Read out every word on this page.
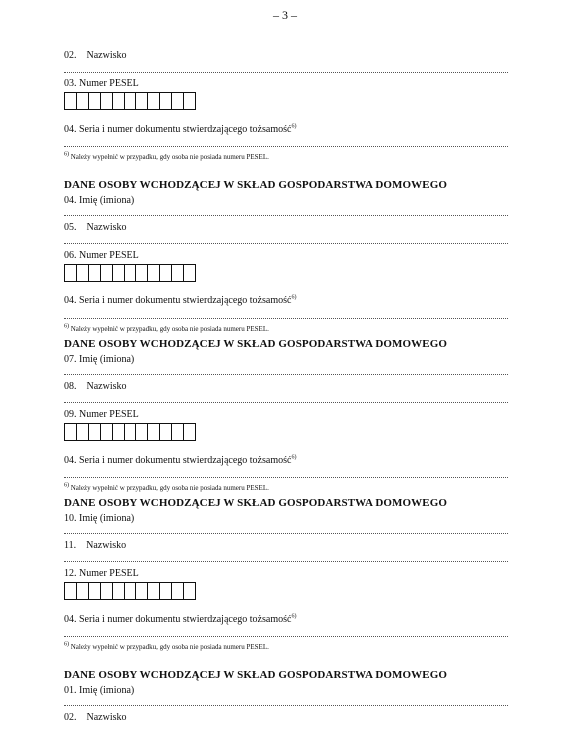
– 3 –
02. Nazwisko
03. Numer PESEL
04. Seria i numer dokumentu stwierdzającego tożsamość$^{6)}$
$^{6)}$ Należy wypełnić w przypadku, gdy osoba nie posiada numeru PESEL.
DANE OSOBY WCHODZĄCEJ W SKŁAD GOSPODARSTWA DOMOWEGO
04. Imię (imiona)
05. Nazwisko
06. Numer PESEL
04. Seria i numer dokumentu stwierdzającego tożsamość$^{6)}$
$^{6)}$ Należy wypełnić w przypadku, gdy osoba nie posiada numeru PESEL.
DANE OSOBY WCHODZĄCEJ W SKŁAD GOSPODARSTWA DOMOWEGO
07. Imię (imiona)
08. Nazwisko
09. Numer PESEL
04. Seria i numer dokumentu stwierdzającego tożsamość$^{6)}$
$^{6)}$ Należy wypełnić w przypadku, gdy osoba nie posiada numeru PESEL.
DANE OSOBY WCHODZĄCEJ W SKŁAD GOSPODARSTWA DOMOWEGO
10. Imię (imiona)
11. Nazwisko
12. Numer PESEL
04. Seria i numer dokumentu stwierdzającego tożsamość$^{6)}$
$^{6)}$ Należy wypełnić w przypadku, gdy osoba nie posiada numeru PESEL.
DANE OSOBY WCHODZĄCEJ W SKŁAD GOSPODARSTWA DOMOWEGO
01. Imię (imiona)
02. Nazwisko
